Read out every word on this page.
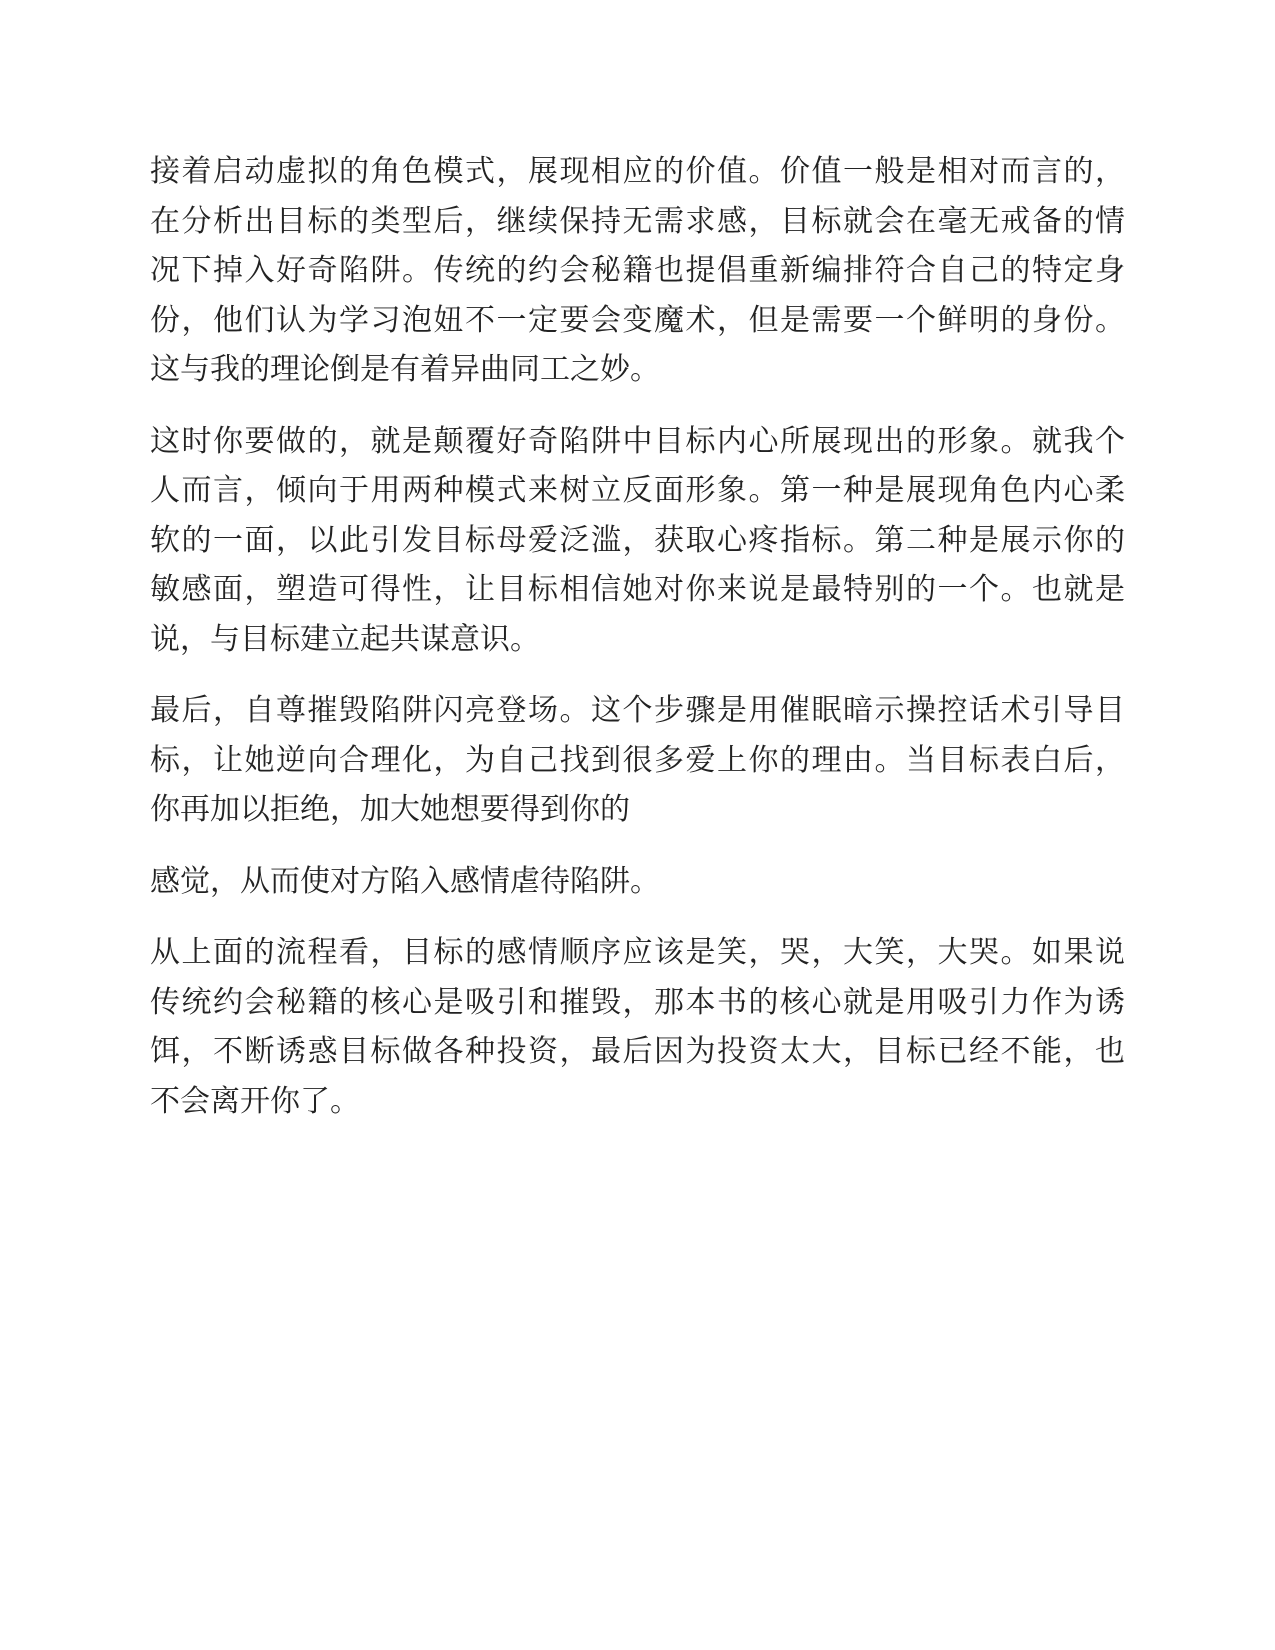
接着启动虚拟的角色模式，展现相应的价值。价值一般是相对而言的，
在分析出目标的类型后，继续保持无需求感，目标就会在毫无戒备的情
况下掉入好奇陷阱。传统的约会秘籍也提倡重新编排符合自己的特定身
份，他们认为学习泡妞不一定要会变魔术，但是需要一个鲜明的身份。
这与我的理论倒是有着异曲同工之妙。
这时你要做的，就是颠覆好奇陷阱中目标内心所展现出的形象。就我个
人而言，倾向于用两种模式来树立反面形象。第一种是展现角色内心柔
软的一面，以此引发目标母爱泛滥，获取心疼指标。第二种是展示你的
敏感面，塑造可得性，让目标相信她对你来说是最特别的一个。也就是
说，与目标建立起共谋意识。
最后，自尊摧毁陷阱闪亮登场。这个步骤是用催眠暗示操控话术引导目
标，让她逆向合理化，为自己找到很多爱上你的理由。当目标表白后，
你再加以拒绝，加大她想要得到你的
感觉，从而使对方陷入感情虐待陷阱。
从上面的流程看，目标的感情顺序应该是笑，哭，大笑，大哭。如果说
传统约会秘籍的核心是吸引和摧毁，那本书的核心就是用吸引力作为诱
饵，不断诱惑目标做各种投资，最后因为投资太大，目标已经不能，也
不会离开你了。
